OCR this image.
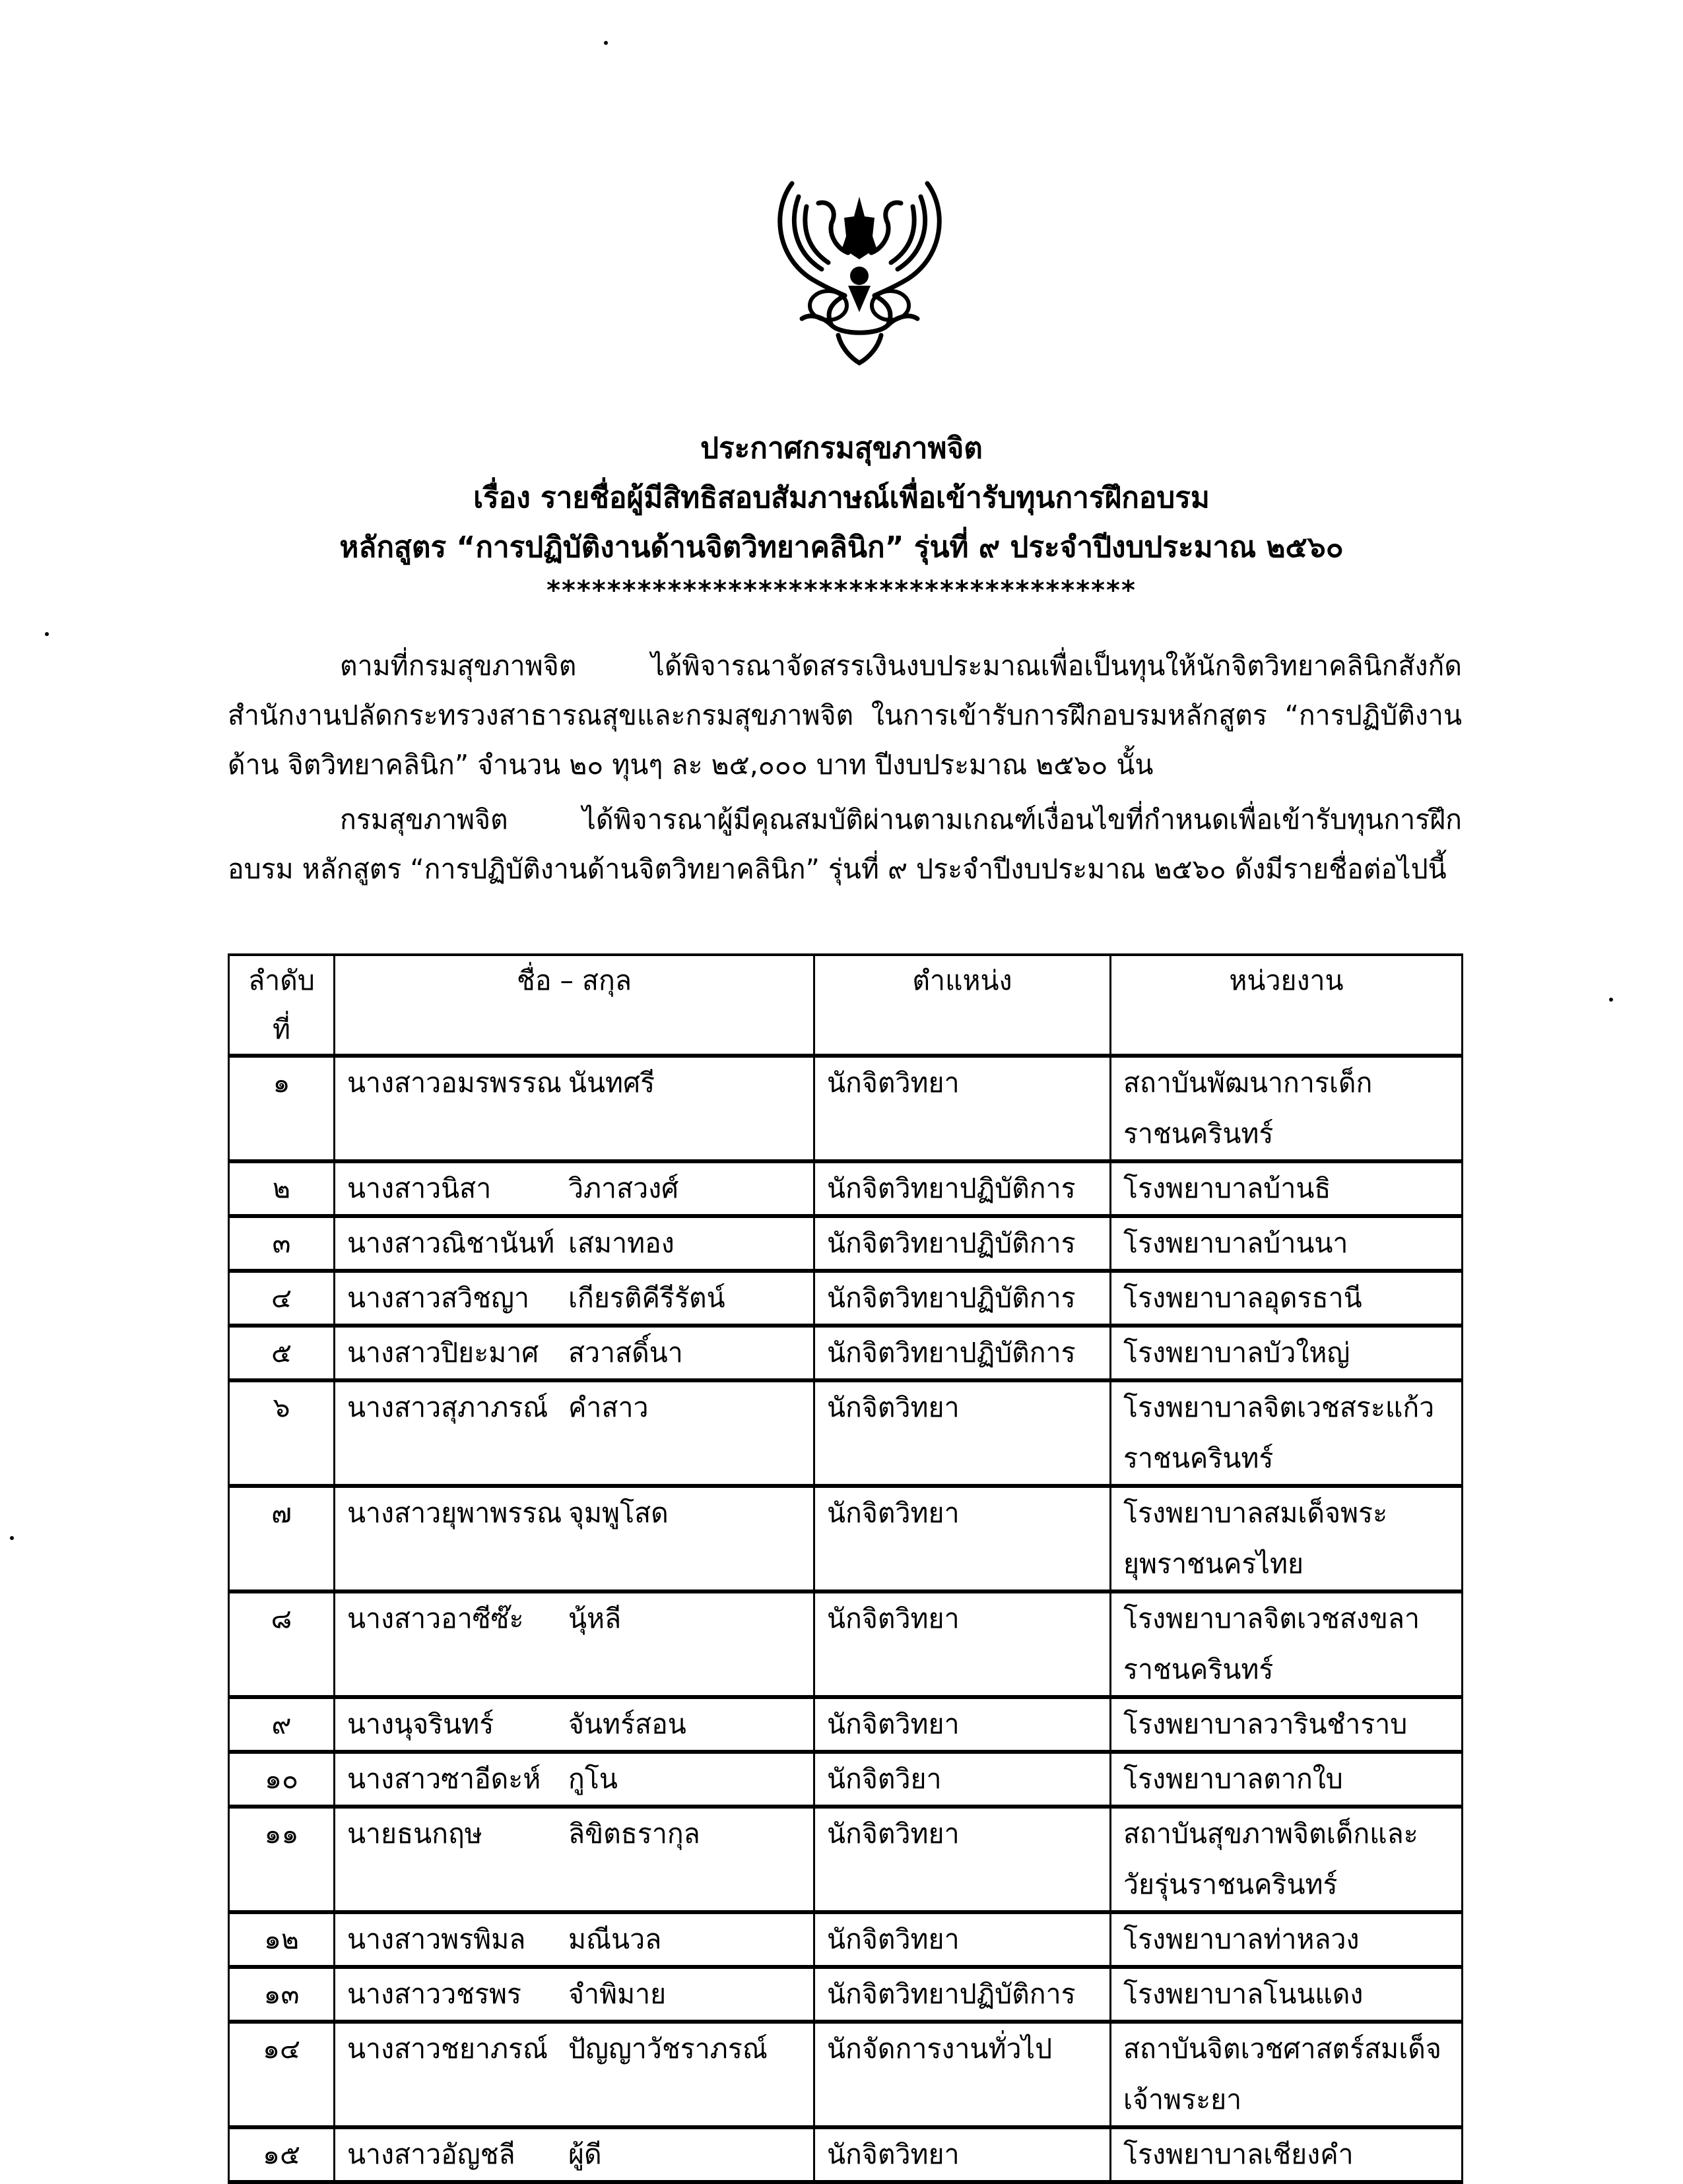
ประกาศกรมสุขภาพจิต
เรื่อง รายชื่อผู้มีสิทธิสอบสัมภาษณ์เพื่อเข้ารับทุนการฝึกอบรม
หลักสูตร “การปฏิบัติงานด้านจิตวิทยาคลินิก” รุ่นที่ ๙ ประจำปีงบประมาณ ๒๕๖๐
***************************************
ตามที่กรมสุขภาพจิต ได้พิจารณาจัดสรรเงินงบประมาณเพื่อเป็นทุนให้นักจิตวิทยาคลินิกสังกัด สำนักงานปลัดกระทรวงสาธารณสุขและกรมสุขภาพจิต ในการเข้ารับการฝึกอบรมหลักสูตร “การปฏิบัติงานด้าน จิตวิทยาคลินิก” จำนวน ๒๐ ทุนๆ ละ ๒๕,๐๐๐ บาท ปีงบประมาณ ๒๕๖๐ นั้น
กรมสุขภาพจิต ได้พิจารณาผู้มีคุณสมบัติผ่านตามเกณฑ์เงื่อนไขที่กำหนดเพื่อเข้ารับทุนการฝึกอบรม หลักสูตร “การปฏิบัติงานด้านจิตวิทยาคลินิก” รุ่นที่ ๙ ประจำปีงบประมาณ ๒๕๖๐ ดังมีรายชื่อต่อไปนี้
ลำดับที่	ชื่อ – สกุล	ตำแหน่ง	หน่วยงาน
๑	นางสาวอมรพรรณ นันทศรี	นักจิตวิทยา	สถาบันพัฒนาการเด็ก
ราชนครินทร์

๒	นางสาวนิสา วิภาสวงศ์	นักจิตวิทยาปฏิบัติการ	โรงพยาบาลบ้านธิ

๓	นางสาวณิชานันท์ เสมาทอง	นักจิตวิทยาปฏิบัติการ	โรงพยาบาลบ้านนา

๔	นางสาวสวิชญา เกียรติคีรีรัตน์	นักจิตวิทยาปฏิบัติการ	โรงพยาบาลอุดรธานี

๕	นางสาวปิยะมาศ สวาสดิ์นา	นักจิตวิทยาปฏิบัติการ	โรงพยาบาลบัวใหญ่

๖	นางสาวสุภาภรณ์ คำสาว	นักจิตวิทยา	โรงพยาบาลจิตเวชสระแก้ว
ราชนครินทร์

๗	นางสาวยุพาพรรณ จุมพูโสด	นักจิตวิทยา	โรงพยาบาลสมเด็จพระ
ยุพราชนครไทย

๘	นางสาวอาซีซ๊ะ นุ้หลี	นักจิตวิทยา	โรงพยาบาลจิตเวชสงขลา
ราชนครินทร์

๙	นางนุจรินทร์ จันทร์สอน	นักจิตวิทยา	โรงพยาบาลวารินชำราบ

๑๐	นางสาวซาอีดะห์ กูโน	นักจิตวิยา	โรงพยาบาลตากใบ

๑๑	นายธนกฤษ ลิขิตธรากุล	นักจิตวิทยา	สถาบันสุขภาพจิตเด็กและ
วัยรุ่นราชนครินทร์

๑๒	นางสาวพรพิมล มณีนวล	นักจิตวิทยา	โรงพยาบาลท่าหลวง

๑๓	นางสาววชรพร จำพิมาย	นักจิตวิทยาปฏิบัติการ	โรงพยาบาลโนนแดง

๑๔	นางสาวชยาภรณ์ ปัญญาวัชราภรณ์	นักจัดการงานทั่วไป	สถาบันจิตเวชศาสตร์สมเด็จ
เจ้าพระยา

๑๕	นางสาวอัญชลี ผู้ดี	นักจิตวิทยา	โรงพยาบาลเชียงคำ
